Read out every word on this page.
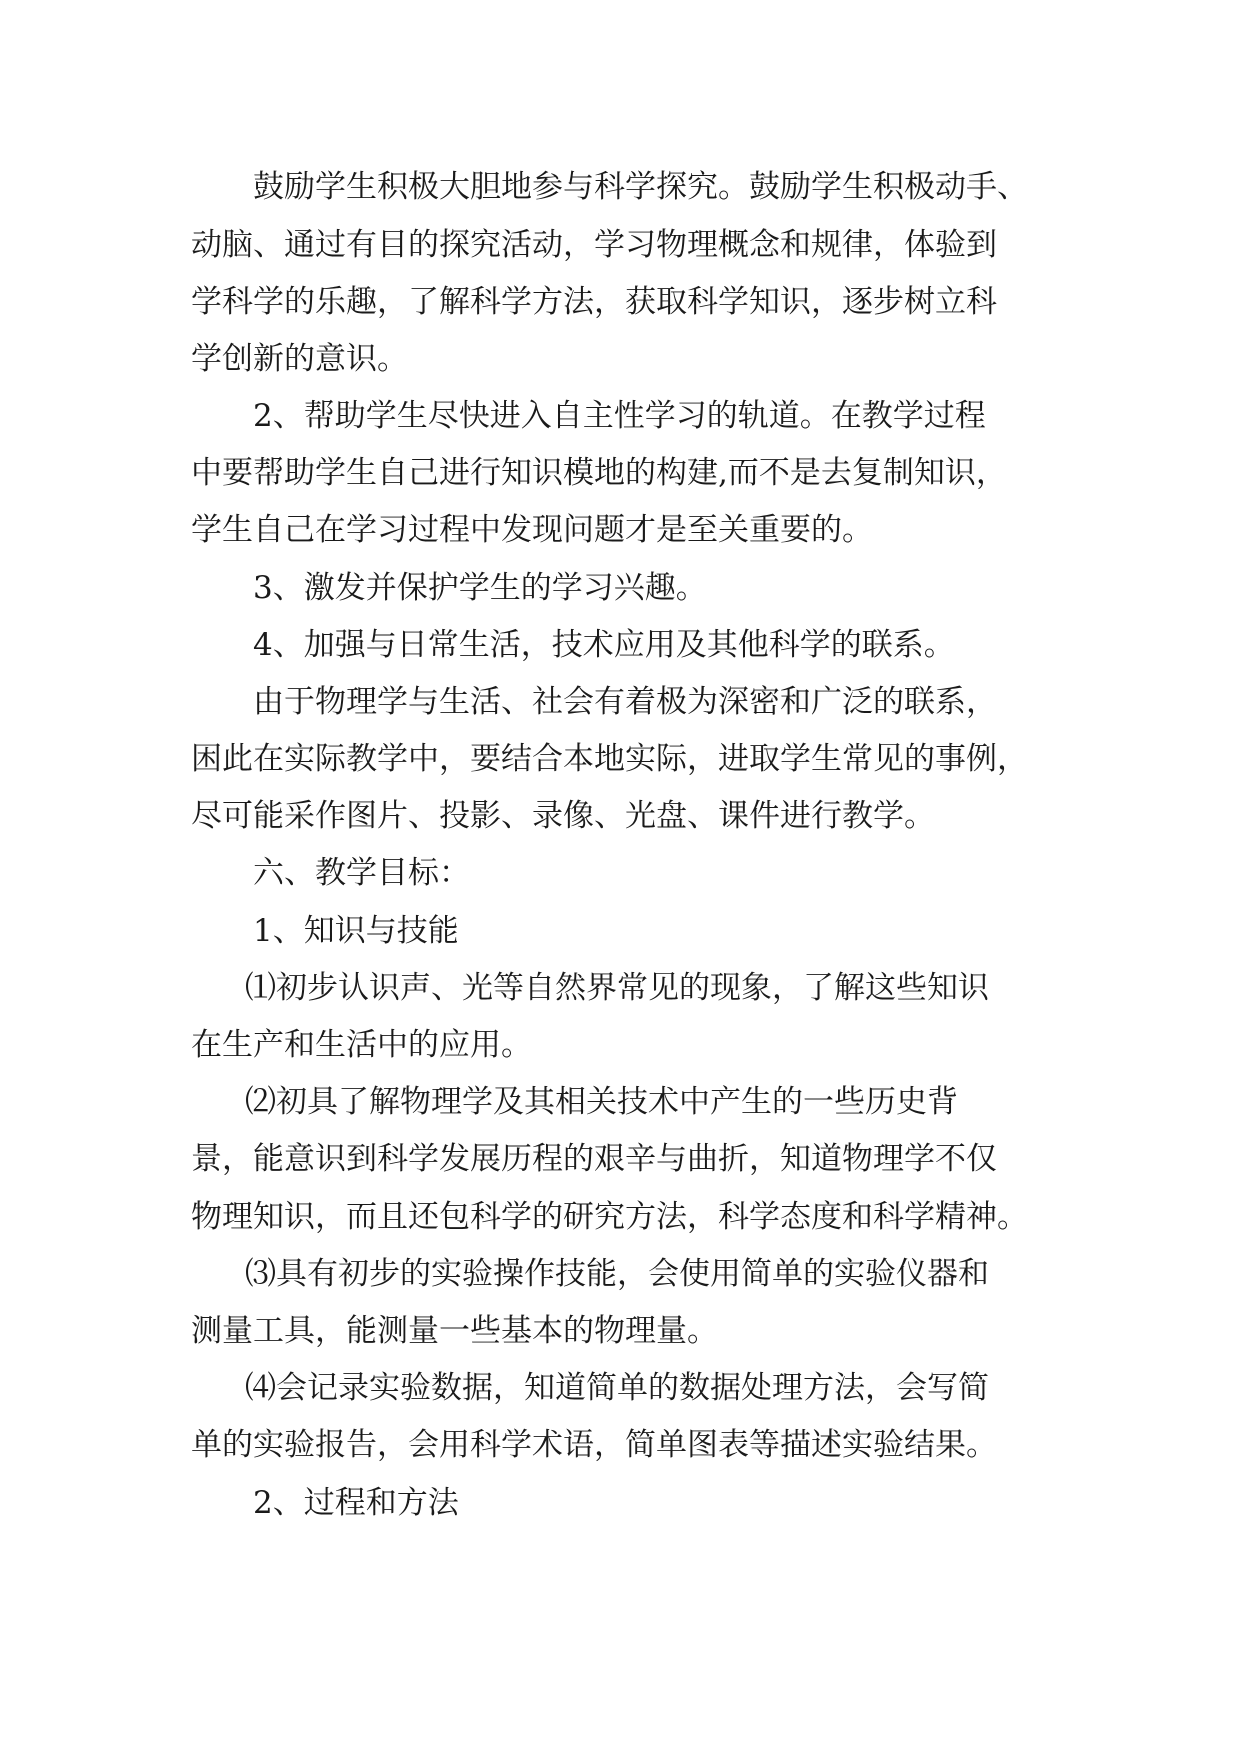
鼓励学生积极大胆地参与科学探究。鼓励学生积极动手、
动脑、通过有目的探究活动，学习物理概念和规律，体验到
学科学的乐趣，了解科学方法，获取科学知识，逐步树立科
学创新的意识。
2、帮助学生尽快进入自主性学习的轨道。在教学过程
中要帮助学生自己进行知识模地的构建,而不是去复制知识，
学生自己在学习过程中发现问题才是至关重要的。
3、激发并保护学生的学习兴趣。
4、加强与日常生活，技术应用及其他科学的联系。
由于物理学与生活、社会有着极为深密和广泛的联系，
困此在实际教学中，要结合本地实际，进取学生常见的事例，
尽可能采作图片、投影、录像、光盘、课件进行教学。
六、教学目标：
1、知识与技能
⑴初步认识声、光等自然界常见的现象，了解这些知识
在生产和生活中的应用。
⑵初具了解物理学及其相关技术中产生的一些历史背
景，能意识到科学发展历程的艰辛与曲折，知道物理学不仅
物理知识，而且还包科学的研究方法，科学态度和科学精神。
⑶具有初步的实验操作技能，会使用简单的实验仪器和
测量工具，能测量一些基本的物理量。
⑷会记录实验数据，知道简单的数据处理方法，会写简
单的实验报告，会用科学术语，简单图表等描述实验结果。
2、过程和方法
